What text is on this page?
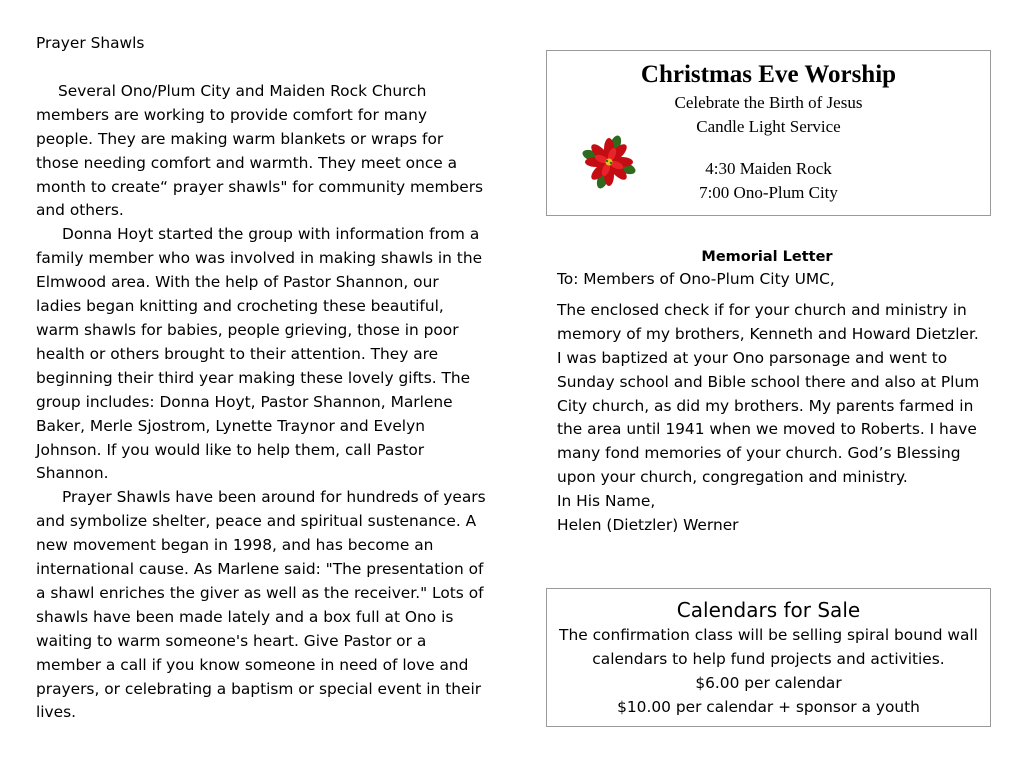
Prayer Shawls

Several Ono/Plum City and Maiden Rock Church members are working to provide comfort for many people. They are making warm blankets or wraps for those needing comfort and warmth. They meet once a month to create“ prayer shawls" for community members and others.

Donna Hoyt started the group with information from a family member who was involved in making shawls in the Elmwood area. With the help of Pastor Shannon, our ladies began knitting and crocheting these beautiful, warm shawls for babies, people grieving, those in poor health or others brought to their attention. They are beginning their third year making these lovely gifts. The group includes: Donna Hoyt, Pastor Shannon, Marlene Baker, Merle Sjostrom, Lynette Traynor and Evelyn Johnson. If you would like to help them, call Pastor Shannon.

Prayer Shawls have been around for hundreds of years and symbolize shelter, peace and spiritual sustenance. A new movement began in 1998, and has become an international cause. As Marlene said: "The presentation of a shawl enriches the giver as well as the receiver." Lots of shawls have been made lately and a box full at Ono is waiting to warm someone's heart. Give Pastor or a member a call if you know someone in need of love and prayers, or celebrating a baptism or special event in their lives.

Christmas Eve Worship
Celebrate the Birth of Jesus
Candle Light Service
4:30 Maiden Rock
7:00 Ono-Plum City

Memorial Letter

To: Members of Ono-Plum City UMC,

The enclosed check if for your church and ministry in memory of my brothers, Kenneth and Howard Dietzler. I was baptized at your Ono parsonage and went to Sunday school and Bible school there and also at Plum City church, as did my brothers. My parents farmed in the area until 1941 when we moved to Roberts. I have many fond memories of your church. God’s Blessing upon your church, congregation and ministry.

In His Name,

Helen (Dietzler) Werner

Calendars for Sale
The confirmation class will be selling spiral bound wall calendars to help fund projects and activities.
$6.00 per calendar
$10.00 per calendar + sponsor a youth
